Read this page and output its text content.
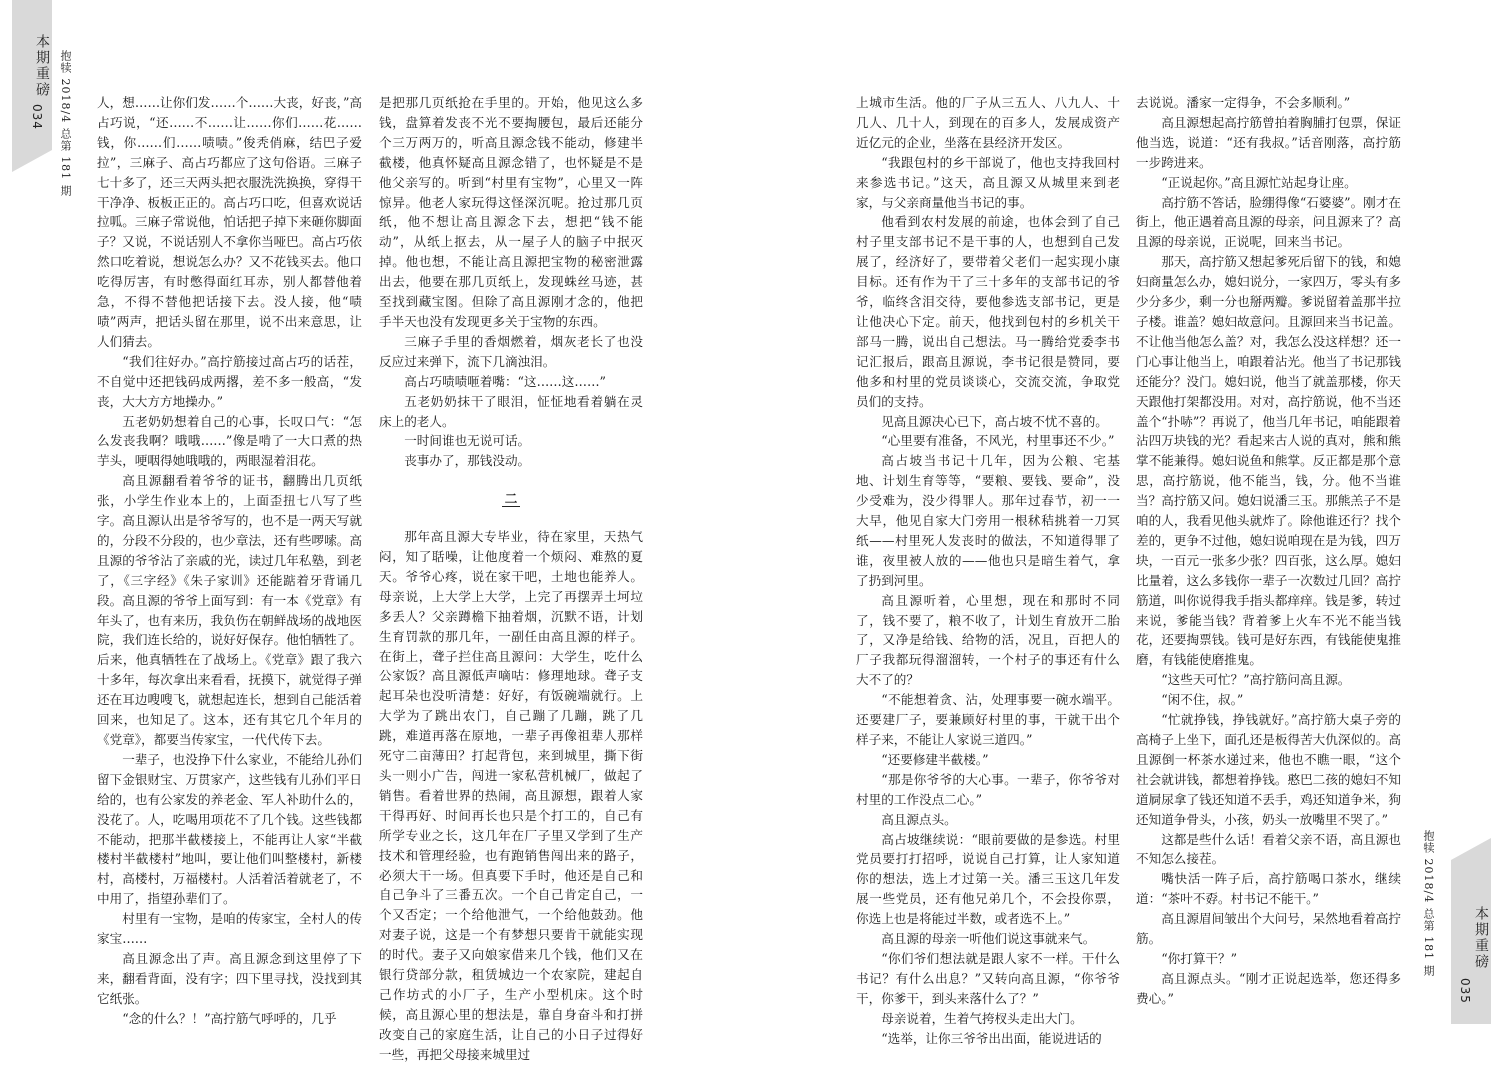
本期重磅
034 抱犊 2018/4 总第 181 期 人，想……让你们发……个……大丧，好丧，”高占巧说，“还……不……让……你们……花……钱，你……们……啧啧。”俊秃俏麻，结巴子爱拉”，三麻子、高占巧都应了这句俗语。三麻子七十多了，还三天两头把衣服洗洗换换，穿得干干净净、板板正正的。高占巧口吃，但喜欢说话拉呱。三麻子常说他，怕话把子掉下来砸你脚面子？又说，不说话别人不拿你当哑巴。高占巧依然口吃着说，想说怎么办？又不花钱买去。他口吃得厉害，有时憋得面红耳赤，别人都替他着急，不得不替他把话接下去。没人接，他“啧啧”两声，把话头留在那里，说不出来意思，让人们猜去。

“我们往好办。”高拧筋接过高占巧的话茬，不自觉中还把钱码成两撂，差不多一般高，“发丧，大大方方地操办。”

五老奶奶想着自己的心事，长叹口气：“怎么发丧我啊？哦哦……”像是啃了一大口煮的热芋头，哽咽得她哦哦的，两眼湿着泪花。

高且源翻看着爷爷的证书，翻腾出几页纸张，小学生作业本上的，上面歪扭七八写了些字。高且源认出是爷爷写的，也不是一两天写就的，分段不分段的，也少章法，还有些啰嗦。高且源的爷爷沾了亲戚的光，读过几年私塾，到老了，《三字经》《朱子家训》还能踮着牙背诵几段。高且源的爷爷上面写到：有一本《党章》有年头了，也有来历，我负伤在朝鲜战场的战地医院，我们连长给的，说好好保存。他怕牺牲了。后来，他真牺牲在了战场上。《党章》跟了我六十多年，每次拿出来看看，抚摸下，就觉得子弹还在耳边嗖嗖飞，就想起连长，想到自己能活着回来，也知足了。这本，还有其它几个年月的《党章》，都要当传家宝，一代代传下去。

一辈子，也没挣下什么家业，不能给儿孙们留下金银财宝、万贯家产，这些钱有儿孙们平日给的，也有公家发的养老金、军人补助什么的，没花了。人，吃喝用项花不了几个钱。这些钱都不能动，把那半截楼接上，不能再让人家“半截楼村半截楼村”地叫，要让他们叫整楼村，新楼村，高楼村，万福楼村。人活着活着就老了，不中用了，指望孙辈们了。

村里有一宝物，是咱的传家宝，全村人的传家宝……

高且源念出了声。高且源念到这里停了下来，翻看背面，没有字；四下里寻找，没找到其它纸张。

“念的什么？！”高拧筋气呼呼的，几乎

是把那几页纸抢在手里的。开始，他见这么多钱，盘算着发丧不光不要掏腰包，最后还能分个三万两万的，听高且源念钱不能动，修建半截楼，他真怀疑高且源念错了，也怀疑是不是他父亲写的。听到“村里有宝物”，心里又一阵惊异。他老人家玩得这怪深沉呢。抢过那几页纸，他不想让高且源念下去，想把“钱不能动”，从纸上抠去，从一屋子人的脑子中抿灭掉。他也想，不能让高且源把宝物的秘密泄露出去，他要在那几页纸上，发现蛛丝马迹，甚至找到藏宝图。但除了高且源刚才念的，他把手半天也没有发现更多关于宝物的东西。

三麻子手里的香烟燃着，烟灰老长了也没反应过来弹下，流下几滴浊泪。

高占巧啧啧咂着嘴：“这……这……”

五老奶奶抹干了眼泪，怔怔地看着躺在灵床上的老人。

一时间谁也无说可话。

丧事办了，那钱没动。

二

那年高且源大专毕业，待在家里，天热气闷，知了聒噪，让他度着一个烦闷、难熬的夏天。爷爷心疼，说在家干吧，土地也能养人。母亲说，上大学上大学，上完了再摆弄土坷垃多丢人？父亲蹲檐下抽着烟，沉默不语，计划生育罚款的那几年，一副任由高且源的样子。在街上，聋子拦住高且源问：大学生，吃什么公家饭？高且源低声嘀咕：修理地球。聋子支起耳朵也没听清楚：好好，有饭碗端就行。上大学为了跳出农门，自己蹦了几蹦，跳了几跳，难道再落在原地，一辈子再像祖辈人那样死守二亩薄田？打起背包，来到城里，撕下街头一则小广告，闯进一家私营机械厂，做起了销售。看着世界的热闹，高且源想，跟着人家干得再好、时间再长也只是个打工的，自己有所学专业之长，这几年在厂子里又学到了生产技术和管理经验，也有跑销售闯出来的路子，必须大干一场。但真要下手时，他还是自己和自己争斗了三番五次。一个自己肯定自己，一个又否定；一个给他泄气，一个给他鼓劲。他对妻子说，这是一个有梦想只要肯干就能实现的时代。妻子又向娘家借来几个钱，他们又在银行贷部分款，租赁城边一个农家院，建起自己作坊式的小厂子，生产小型机床。这个时候，高且源心里的想法是，靠自身奋斗和打拼改变自己的家庭生活，让自己的小日子过得好一些，再把父母接来城里过

上城市生活。他的厂子从三五人、八九人、十几人、几十人，到现在的百多人，发展成资产近亿元的企业，坐落在县经济开发区。

“我跟包村的乡干部说了，他也支持我回村来参选书记。”这天，高且源又从城里来到老家，与父亲商量他当书记的事。

他看到农村发展的前途，也体会到了自己村子里支部书记不是干事的人，也想到自己发展了，经济好了，要带着父老们一起实现小康目标。还有作为干了三十多年的支部书记的爷爷，临终含泪交待，要他参选支部书记，更是让他决心下定。前天，他找到包村的乡机关干部马一腾，说出自己想法。马一腾给党委李书记汇报后，跟高且源说，李书记很是赞同，要他多和村里的党员谈谈心，交流交流，争取党员们的支持。

见高且源决心已下，高占坡不忧不喜的。

“心里要有准备，不风光，村里事还不少。”

高占坡当书记十几年，因为公粮、宅基地、计划生育等等，“要粮、要钱、要命”，没少受难为，没少得罪人。那年过春节，初一一大早，他见自家大门旁用一根秫秸挑着一刀冥纸——村里死人发丧时的做法，不知道得罪了谁，夜里被人放的——他也只是暗生着气，拿了扔到河里。

高且源听着，心里想，现在和那时不同了，钱不要了，粮不收了，计划生育放开二胎了，又净是给钱、给物的活，况且，百把人的厂子我都玩得溜溜转，一个村子的事还有什么大不了的？

“不能想着贪、沾，处理事要一碗水端平。还要建厂子，要兼顾好村里的事，干就干出个样子来，不能让人家说三道四。”

“还要修建半截楼。”

“那是你爷爷的大心事。一辈子，你爷爷对村里的工作没点二心。”

高且源点头。

高占坡继续说：“眼前要做的是参选。村里党员要打打招呼，说说自己打算，让人家知道你的想法，选上才过第一关。潘三玉这几年发展一些党员，还有他兄弟几个，不会投你票，你选上也是将能过半数，或者选不上。”

高且源的母亲一听他们说这事就来气。

“你们爷们想法就是跟人家不一样。干什么书记？有什么出息？”又转向高且源，“你爷爷干，你爹干，到头来落什么了？”

母亲说着，生着气挎杈头走出大门。

“选举，让你三爷爷出出面，能说进话的

去说说。潘家一定得争，不会多顺利。”

高且源想起高拧筋曾拍着胸脯打包票，保证他当选，说道：“还有我叔。”话音刚落，高拧筋一步跨进来。

“正说起你。”高且源忙站起身让座。

高拧筋不答话，脸绷得像“石婆婆”。刚才在街上，他正遇着高且源的母亲，问且源来了？高且源的母亲说，正说呢，回来当书记。

那天，高拧筋又想起爹死后留下的钱，和媳妇商量怎么办，媳妇说分，一家四万，零头有多少分多少，剩一分也掰两瓣。爹说留着盖那半拉子楼。谁盖？媳妇故意问。且源回来当书记盖。不让他当他怎么盖？对，我怎么没这样想？还一门心事让他当上，咱跟着沾光。他当了书记那钱还能分？没门。媳妇说，他当了就盖那楼，你天天跟他打架都没用。对对，高拧筋说，他不当还盖个“扑哧”？再说了，他当几年书记，咱能跟着沾四万块钱的光？看起来古人说的真对，熊和熊掌不能兼得。媳妇说鱼和熊掌。反正都是那个意思，高拧筋说，他不能当，钱，分。他不当谁当？高拧筋又问。媳妇说潘三玉。那熊羔子不是咱的人，我看见他头就炸了。除他谁还行？找个差的，更争不过他，媳妇说咱现在是为钱，四万块，一百元一张多少张？四百张，这么厚。媳妇比量着，这么多钱你一辈子一次数过几回？高拧筋道，叫你说得我手指头都痒痒。钱是爹，转过来说，爹能当钱？背着爹上火车不光不能当钱花，还要掏票钱。钱可是好东西，有钱能使鬼推磨，有钱能使磨推鬼。

“这些天可忙？”高拧筋问高且源。

“闲不住，叔。”

“忙就挣钱，挣钱就好。”高拧筋大桌子旁的高椅子上坐下，面孔还是板得苦大仇深似的。高且源倒一杯茶水递过来，他也不瞧一眼，“这个社会就讲钱，都想着挣钱。憨巴二孩的媳妇不知道屙尿拿了钱还知道不丢手，鸡还知道争米，狗还知道争骨头，小孩，奶头一放嘴里不哭了。”

这都是些什么话！看着父亲不语，高且源也不知怎么接茬。

嘴快活一阵子后，高拧筋喝口茶水，继续道：“茶叶不孬。村书记不能干。”

高且源眉间皱出个大问号，呆然地看着高拧筋。

“你打算干？”

高且源点头。“刚才正说起选举，您还得多费心。”

抱犊 2018/4 总第 181 期	本期重磅
035
